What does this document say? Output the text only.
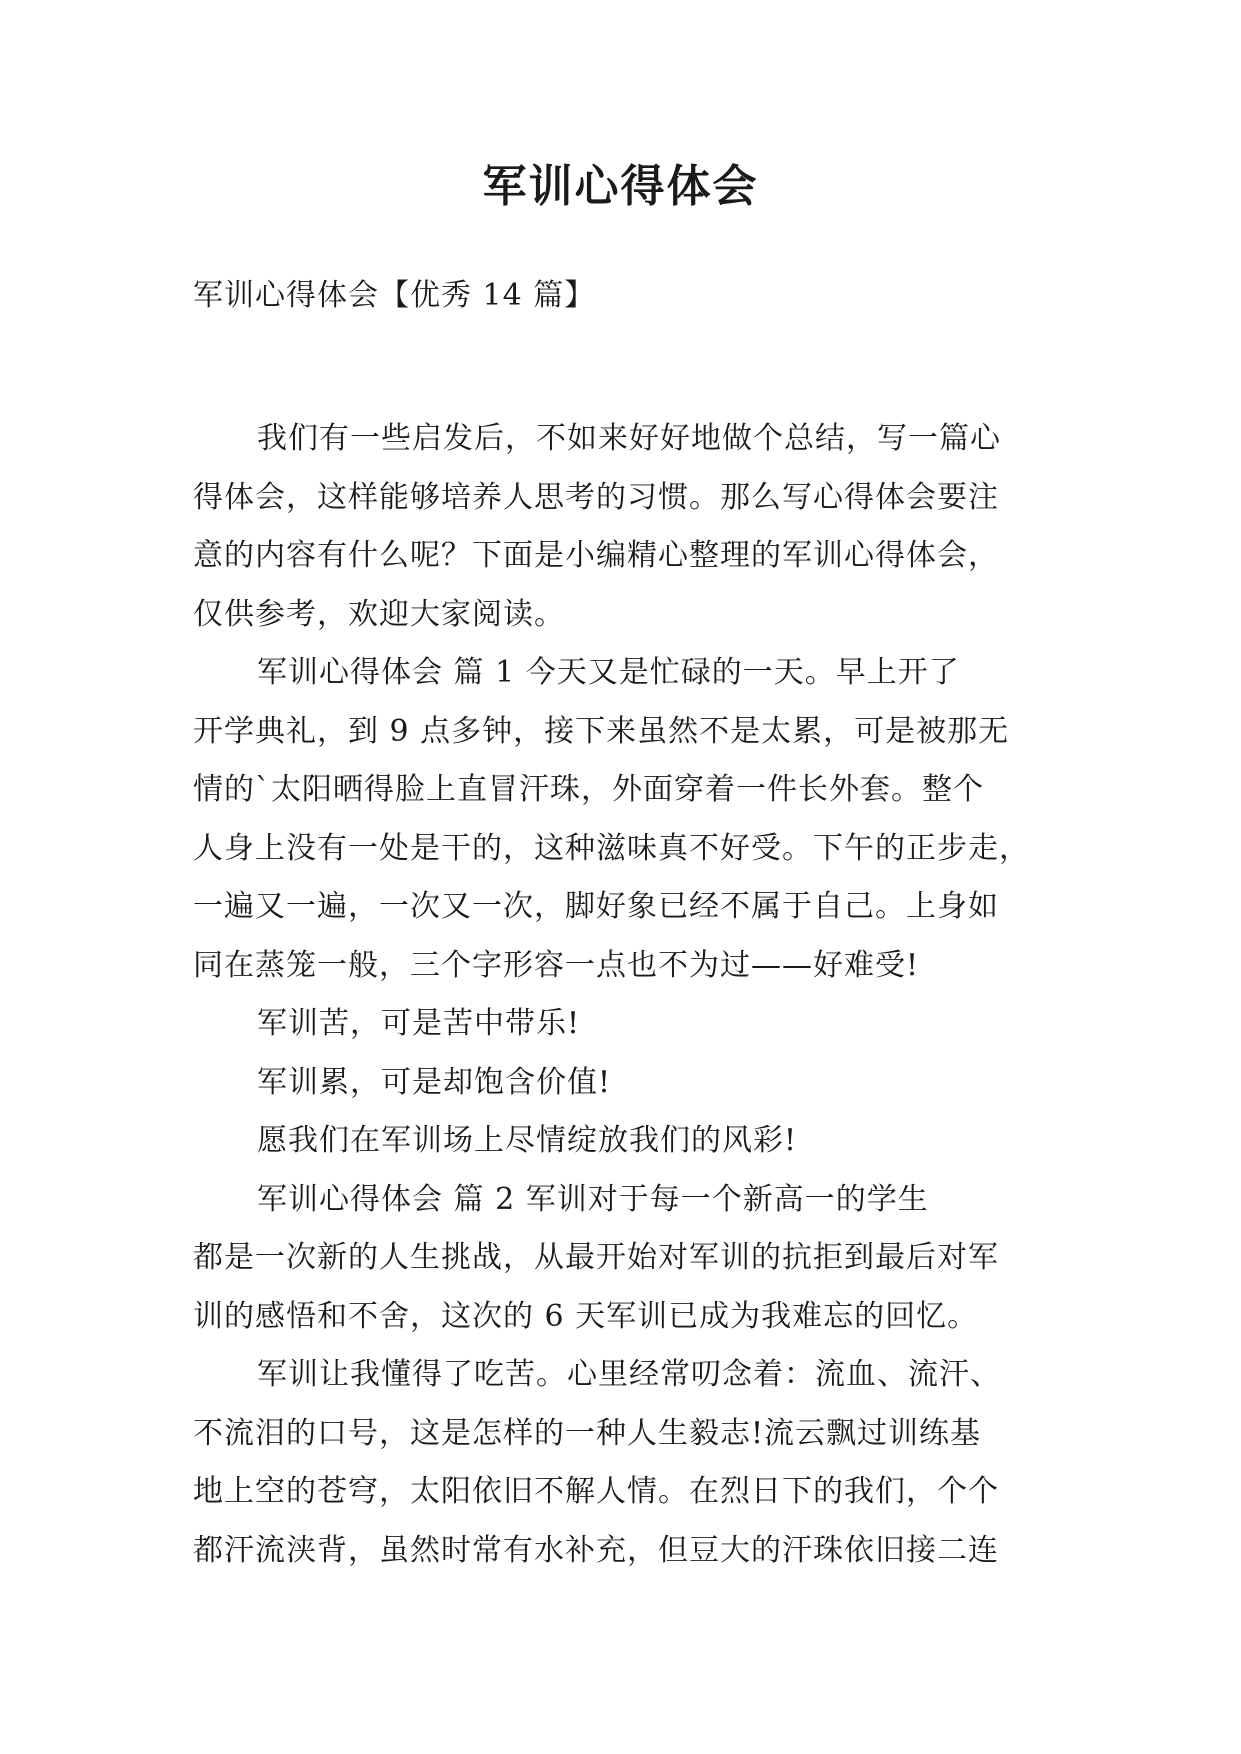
军训心得体会

军训心得体会【优秀 14 篇】

我们有一些启发后，不如来好好地做个总结，写一篇心
得体会，这样能够培养人思考的习惯。那么写心得体会要注
意的内容有什么呢？下面是小编精心整理的军训心得体会，
仅供参考，欢迎大家阅读。
军训心得体会 篇 1 今天又是忙碌的一天。早上开了
开学典礼，到 9 点多钟，接下来虽然不是太累，可是被那无
情的`太阳晒得脸上直冒汗珠，外面穿着一件长外套。整个
人身上没有一处是干的，这种滋味真不好受。下午的正步走，
一遍又一遍，一次又一次，脚好象已经不属于自己。上身如
同在蒸笼一般，三个字形容一点也不为过——好难受!
军训苦，可是苦中带乐!
军训累，可是却饱含价值!
愿我们在军训场上尽情绽放我们的风彩!
军训心得体会 篇 2 军训对于每一个新高一的学生
都是一次新的人生挑战，从最开始对军训的抗拒到最后对军
训的感悟和不舍，这次的 6 天军训已成为我难忘的回忆。
军训让我懂得了吃苦。心里经常叨念着：流血、流汗、
不流泪的口号，这是怎样的一种人生毅志!流云飘过训练基
地上空的苍穹，太阳依旧不解人情。在烈日下的我们，个个
都汗流浃背，虽然时常有水补充，但豆大的汗珠依旧接二连
